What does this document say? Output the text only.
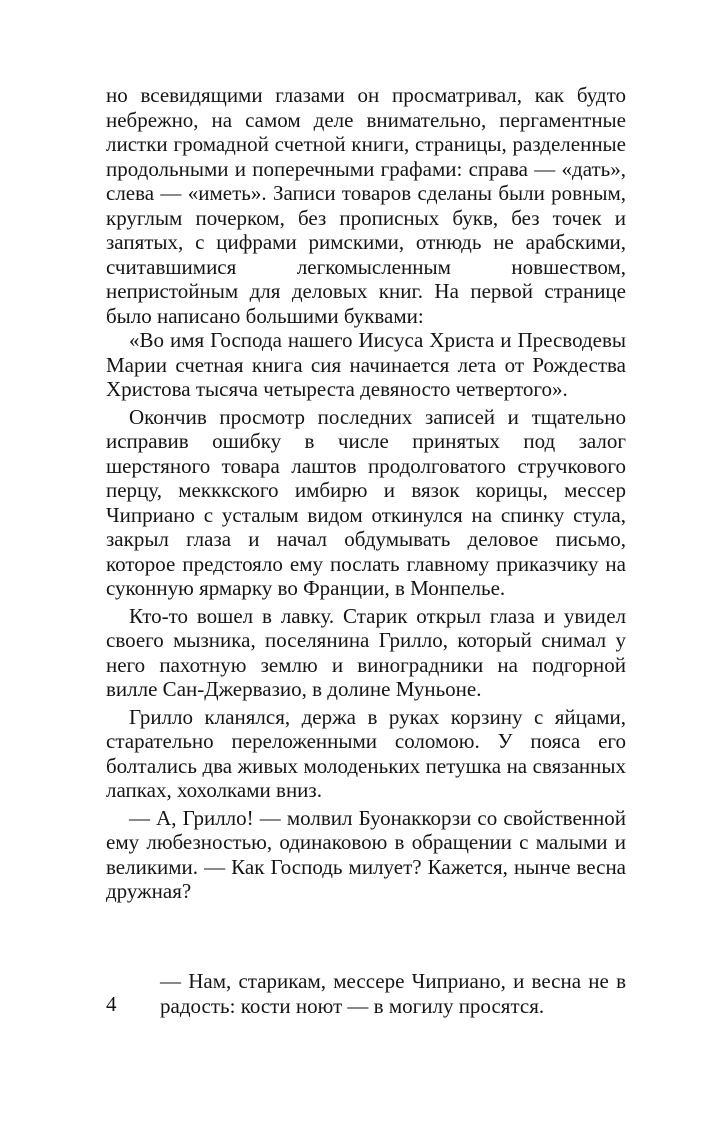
но всевидящими глазами он просматривал, как будто небрежно, на самом деле внимательно, пергаментные листки громадной счетной книги, страницы, разделенные продольными и поперечными графами: справа — «дать», слева — «иметь». Записи товаров сделаны были ровным, круглым почерком, без прописных букв, без точек и запятых, с цифрами римскими, отнюдь не арабскими, считавшимися легкомысленным новшеством, непристойным для деловых книг. На первой странице было написано большими буквами:

«Во имя Господа нашего Иисуса Христа и Пресводевы Марии счетная книга сия начинается лета от Рождества Христова тысяча четыреста девяносто четвертого».

Окончив просмотр последних записей и тщательно исправив ошибку в числе принятых под залог шерстяного товара лаштов продолговатого стручкового перцу, мекккского имбирю и вязок корицы, мессер Чиприано с усталым видом откинулся на спинку стула, закрыл глаза и начал обдумывать деловое письмо, которое предстояло ему послать главному приказчику на суконную ярмарку во Франции, в Монпелье.

Кто-то вошел в лавку. Старик открыл глаза и увидел своего мызника, поселянина Грилло, который снимал у него пахотную землю и виноградники на подгорной вилле Сан-Джервазио, в долине Муньоне.

Грилло кланялся, держа в руках корзину с яйцами, старательно переложенными соломою. У пояса его болтались два живых молоденьких петушка на связанных лапках, хохолками вниз.

— А, Грилло! — молвил Буонаккорзи со свойственной ему любезностью, одинаковою в обращении с малыми и великими. — Как Господь милует? Кажется, нынче весна дружная?

— Нам, старикам, мессере Чиприано, и весна не в радость: кости ноют — в могилу просятся.
4
